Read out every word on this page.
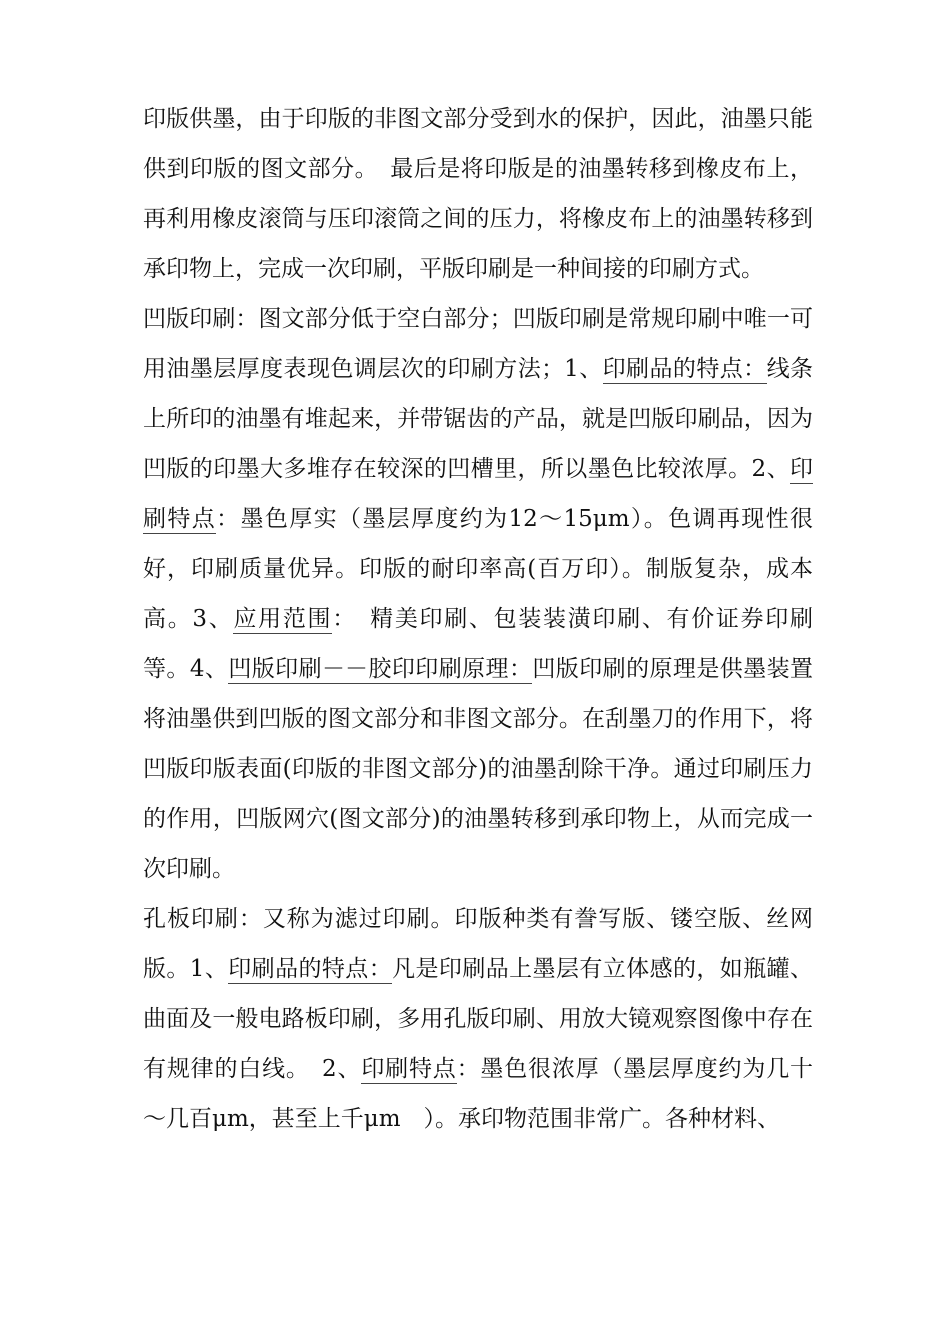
印版供墨，由于印版的非图文部分受到水的保护，因此，油墨只能供到印版的图文部分。　最后是将印版是的油墨转移到橡皮布上，再利用橡皮滚筒与压印滚筒之间的压力，将橡皮布上的油墨转移到承印物上，完成一次印刷，平版印刷是一种间接的印刷方式。

凹版印刷：图文部分低于空白部分；凹版印刷是常规印刷中唯一可用油墨层厚度表现色调层次的印刷方法；1、印刷品的特点：线条上所印的油墨有堆起来，并带锯齿的产品，就是凹版印刷品，因为凹版的印墨大多堆存在较深的凹槽里，所以墨色比较浓厚。2、印刷特点：墨色厚实（墨层厚度约为12～15μm）。色调再现性很好，印刷质量优异。印版的耐印率高(百万印）。制版复杂，成本高。3、应用范围：　精美印刷、包装装潢印刷、有价证券印刷等。4、凹版印刷－－胶印印刷原理：凹版印刷的原理是供墨装置将油墨供到凹版的图文部分和非图文部分。在刮墨刀的作用下，将凹版印版表面(印版的非图文部分)的油墨刮除干净。通过印刷压力的作用，凹版网穴(图文部分)的油墨转移到承印物上，从而完成一次印刷。

孔板印刷：又称为滤过印刷。印版种类有誊写版、镂空版、丝网版。1、印刷品的特点：凡是印刷品上墨层有立体感的，如瓶罐、曲面及一般电路板印刷，多用孔版印刷、用放大镜观察图像中存在有规律的白线。　2、印刷特点：墨色很浓厚（墨层厚度约为几十～几百μm，甚至上千μm　）。承印物范围非常广。各种材料、
